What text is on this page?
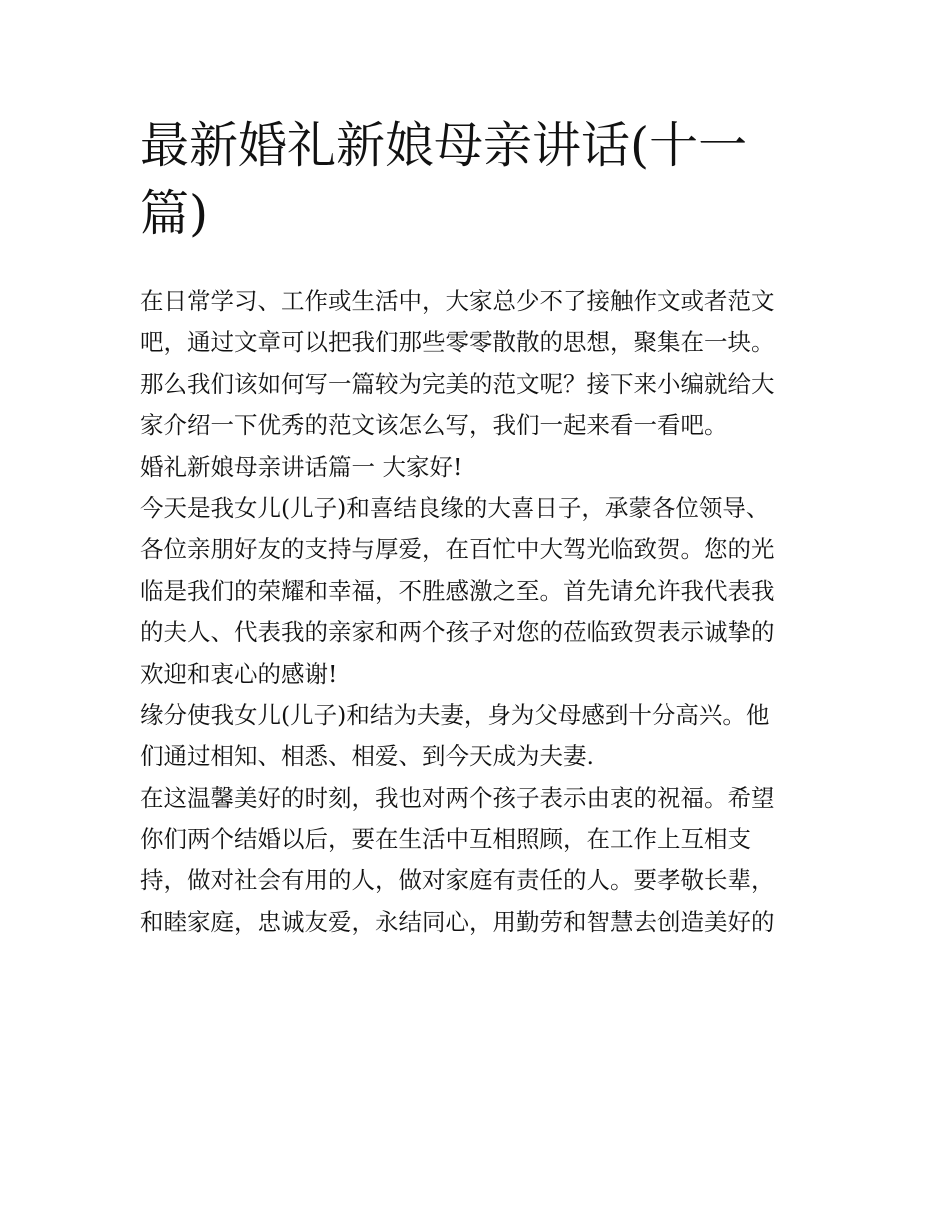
最新婚礼新娘母亲讲话(十一
篇)
在日常学习、工作或生活中，大家总少不了接触作文或者范文
吧，通过文章可以把我们那些零零散散的思想，聚集在一块。
那么我们该如何写一篇较为完美的范文呢？接下来小编就给大
家介绍一下优秀的范文该怎么写，我们一起来看一看吧。
婚礼新娘母亲讲话篇一 大家好!
今天是我女儿(儿子)和喜结良缘的大喜日子，承蒙各位领导、
各位亲朋好友的支持与厚爱，在百忙中大驾光临致贺。您的光
临是我们的荣耀和幸福，不胜感激之至。首先请允许我代表我
的夫人、代表我的亲家和两个孩子对您的莅临致贺表示诚挚的
欢迎和衷心的感谢!
缘分使我女儿(儿子)和结为夫妻，身为父母感到十分高兴。他
们通过相知、相悉、相爱、到今天成为夫妻.
在这温馨美好的时刻，我也对两个孩子表示由衷的祝福。希望
你们两个结婚以后，要在生活中互相照顾，在工作上互相支
持，做对社会有用的人，做对家庭有责任的人。要孝敬长辈，
和睦家庭，忠诚友爱，永结同心，用勤劳和智慧去创造美好的
